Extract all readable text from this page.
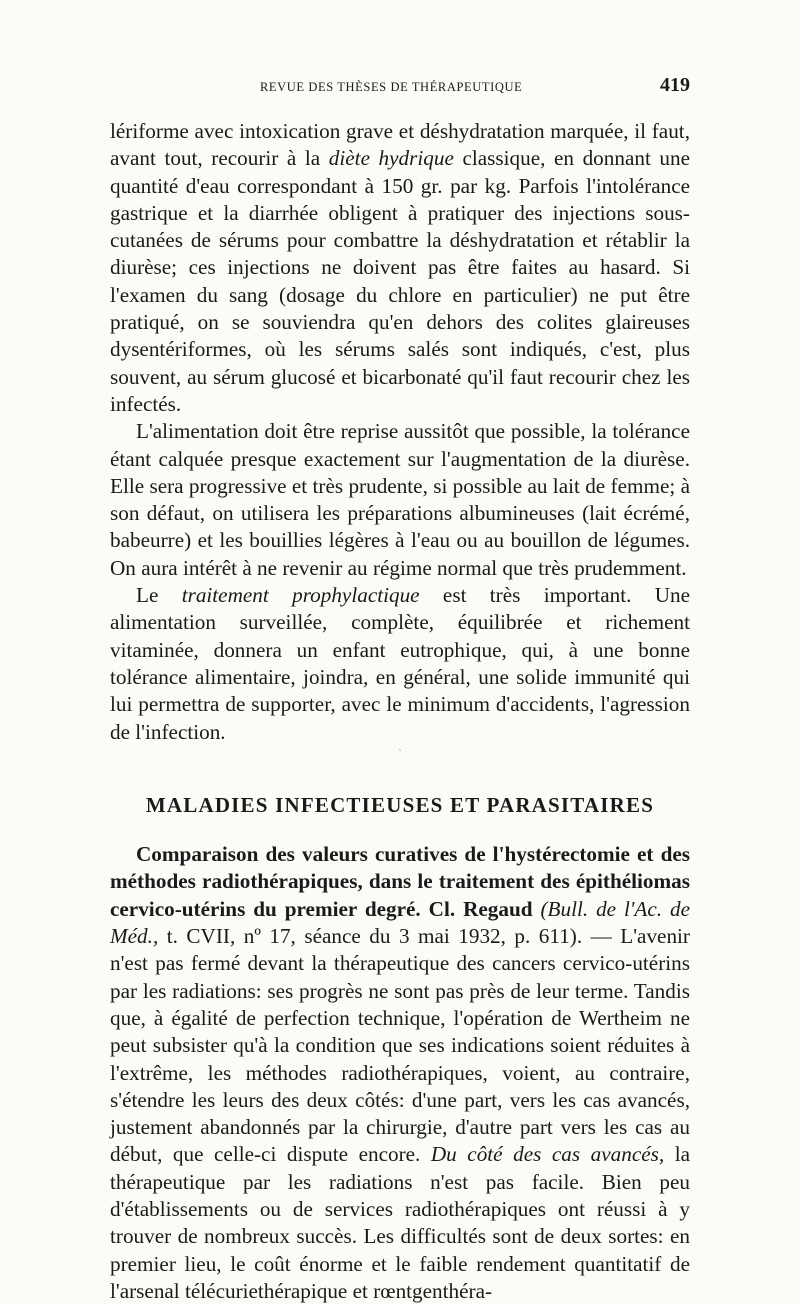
REVUE DES THÈSES DE THÉRAPEUTIQUE	419

lériforme avec intoxication grave et déshydratation marquée, il faut, avant tout, recourir à la diète hydrique classique, en donnant une quantité d'eau correspondant à 150 gr. par kg. Parfois l'intolérance gastrique et la diarrhée obligent à pratiquer des injections sous-cutanées de sérums pour combattre la déshydratation et rétablir la diurèse; ces injections ne doivent pas être faites au hasard. Si l'examen du sang (dosage du chlore en particulier) ne put être pratiqué, on se souviendra qu'en dehors des colites glaireuses dysentériformes, où les sérums salés sont indiqués, c'est, plus souvent, au sérum glucosé et bicarbonaté qu'il faut recourir chez les infectés.

L'alimentation doit être reprise aussitôt que possible, la tolérance étant calquée presque exactement sur l'augmentation de la diurèse. Elle sera progressive et très prudente, si possible au lait de femme; à son défaut, on utilisera les préparations albumineuses (lait écrémé, babeurre) et les bouillies légères à l'eau ou au bouillon de légumes. On aura intérêt à ne revenir au régime normal que très prudemment.

Le traitement prophylactique est très important. Une alimentation surveillée, complète, équilibrée et richement vitaminée, donnera un enfant eutrophique, qui, à une bonne tolérance alimentaire, joindra, en général, une solide immunité qui lui permettra de supporter, avec le minimum d'accidents, l'agression de l'infection.

`
MALADIES INFECTIEUSES ET PARASITAIRES

Comparaison des valeurs curatives de l'hystérectomie et des méthodes radiothérapiques, dans le traitement des épithéliomas cervico-utérins du premier degré. Cl. Regaud (Bull. de l'Ac. de Méd., t. CVII, nº 17, séance du 3 mai 1932, p. 611). — L'avenir n'est pas fermé devant la thérapeutique des cancers cervico-utérins par les radiations: ses progrès ne sont pas près de leur terme. Tandis que, à égalité de perfection technique, l'opération de Wertheim ne peut subsister qu'à la condition que ses indications soient réduites à l'extrême, les méthodes radiothérapiques, voient, au contraire, s'étendre les leurs des deux côtés: d'une part, vers les cas avancés, justement abandonnés par la chirurgie, d'autre part vers les cas au début, que celle-ci dispute encore. Du côté des cas avancés, la thérapeutique par les radiations n'est pas facile. Bien peu d'établissements ou de services radiothérapiques ont réussi à y trouver de nombreux succès. Les difficultés sont de deux sortes: en premier lieu, le coût énorme et le faible rendement quantitatif de l'arsenal télécuriethérapique et rœntgenthéra-
